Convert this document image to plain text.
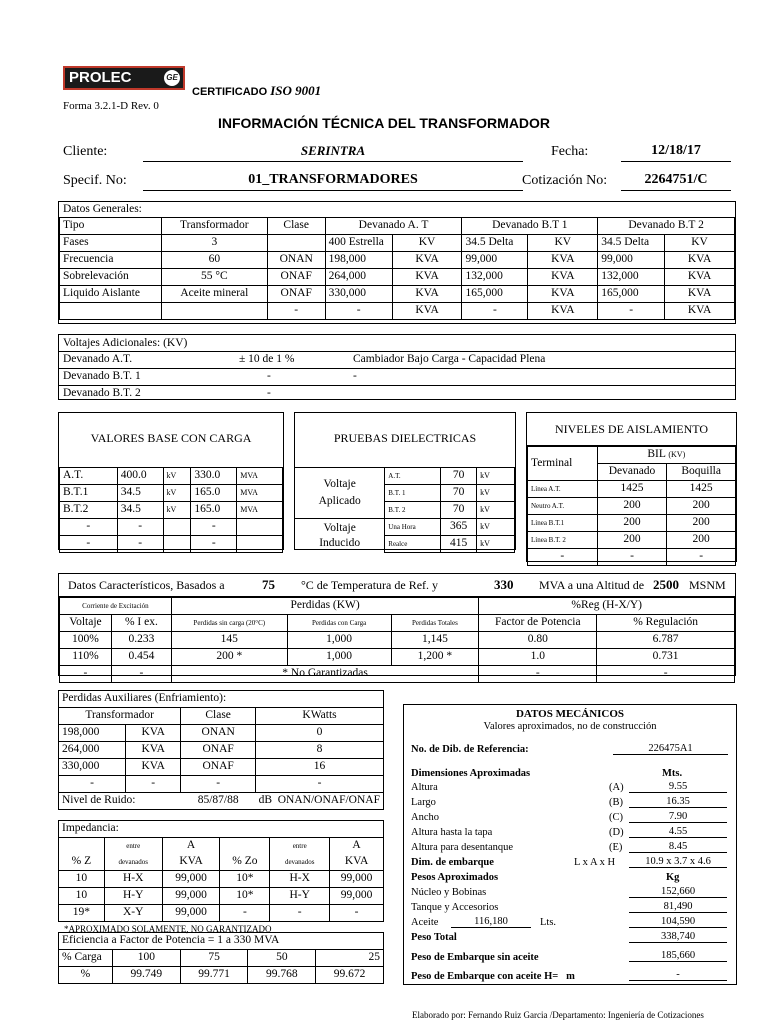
PROLEC	GE
CERTIFICADO ISO 9001
Forma 3.2.1-D Rev. 0
INFORMACIÓN TÉCNICA DEL TRANSFORMADOR
Cliente:	SERINTRA	Fecha:	12/18/17
Specif. No:	01_TRANSFORMADORES	Cotización No:	2264751/C
Datos Generales:
Tipo	Transformador	Clase	Devanado A. T		Devanado B.T 1		Devanado B.T 2	
Fases	3		400 Estrella	KV	34.5 Delta	KV	34.5 Delta	KV
Frecuencia	60	ONAN	198,000	KVA	99,000	KVA	99,000	KVA
Sobrelevación	55 °C	ONAF	264,000	KVA	132,000	KVA	132,000	KVA
Liquido Aislante	Aceite mineral	ONAF	330,000	KVA	165,000	KVA	165,000	KVA
		-	-	KVA	-	KVA	-	KVA
Voltajes Adicionales: (KV)
Devanado A.T.	± 10 de 1 %	Cambiador Bajo Carga - Capacidad Plena
Devanado B.T. 1	-	-
Devanado B.T. 2	-
VALORES BASE CON CARGA
A.T.	400.0	kV	330.0	MVA
B.T.1	34.5	kV	165.0	MVA
B.T.2	34.5	kV	165.0	MVA
-	-		-	
-	-		-	
PRUEBAS DIELECTRICAS
Voltaje
Aplicado	A.T.	70	kV
	B.T. 1	70	kV
	B.T. 2	70	kV
Voltaje
Inducido	Una Hora	365	kV
	Realce	415	kV
NIVELES DE AISLAMIENTO
Terminal	BIL (KV)	
	Devanado	Boquilla
Línea A.T.	1425	1425
Neutro A.T.	200	200
Línea B.T.1	200	200
Línea B.T. 2	200	200
-	-	-
Datos Característicos, Basados a	75 °C de Temperatura de Ref. y	330 MVA a una Altitud de 2500 MSNM
Corriente de Excitación		Perdidas (KW)			%Reg (H-X/Y)	
Voltaje	% I ex.	Perdidas sin carga (20°C)	Perdidas con Carga	Perdidas Totales	Factor de Potencia	% Regulación
100%	0.233	145	1,000	1,145	0.80	6.787
110%	0.454	200 *	1,000	1,200 *	1.0	0.731
-	-	* No Garantizadas			-	-
Perdidas Auxiliares (Enfriamiento):			
Transformador		Clase	KWatts
198,000	KVA	ONAN	0
264,000	KVA	ONAF	8
330,000	KVA	ONAF	16
-	-	-	-
Nivel de Ruido:		85/87/88	dB ONAN/ONAF/ONAF
Impedancia:					
	entre	A		entre	A
% Z	devanados	KVA	% Zo	devanados	KVA
10	H-X	99,000	10*	H-X	99,000
10	H-Y	99,000	10*	H-Y	99,000
19*	X-Y	99,000	-	-	-
*APROXIMADO SOLAMENTE, NO GARANTIZADO
Eficiencia a Factor de Potencia = 1 a 330 MVA				
% Carga	100	75	50	25
%	99.749	99.771	99.768	99.672
DATOS MECÁNICOS
Valores aproximados, no de construcción
No. de Dib. de Referencia:	226475A1
Dimensiones Aproximadas	Mts.
Altura	(A)	9.55
Largo	(B)	16.35
Ancho	(C)	7.90
Altura hasta la tapa	(D)	4.55
Altura para desentanque	(E)	8.45
Dim. de embarque	L x A x H	10.9 x 3.7 x 4.6
Pesos Aproximados	Kg
Núcleo y Bobinas	152,660
Tanque y Accesorios	81,490
Aceite	116,180	Lts.	104,590
Peso Total	338,740
Peso de Embarque sin aceite	185,660
Peso de Embarque con aceite H= m	-
Elaborado por: Fernando Ruiz Garcia /Departamento: Ingeniería de Cotizaciones
